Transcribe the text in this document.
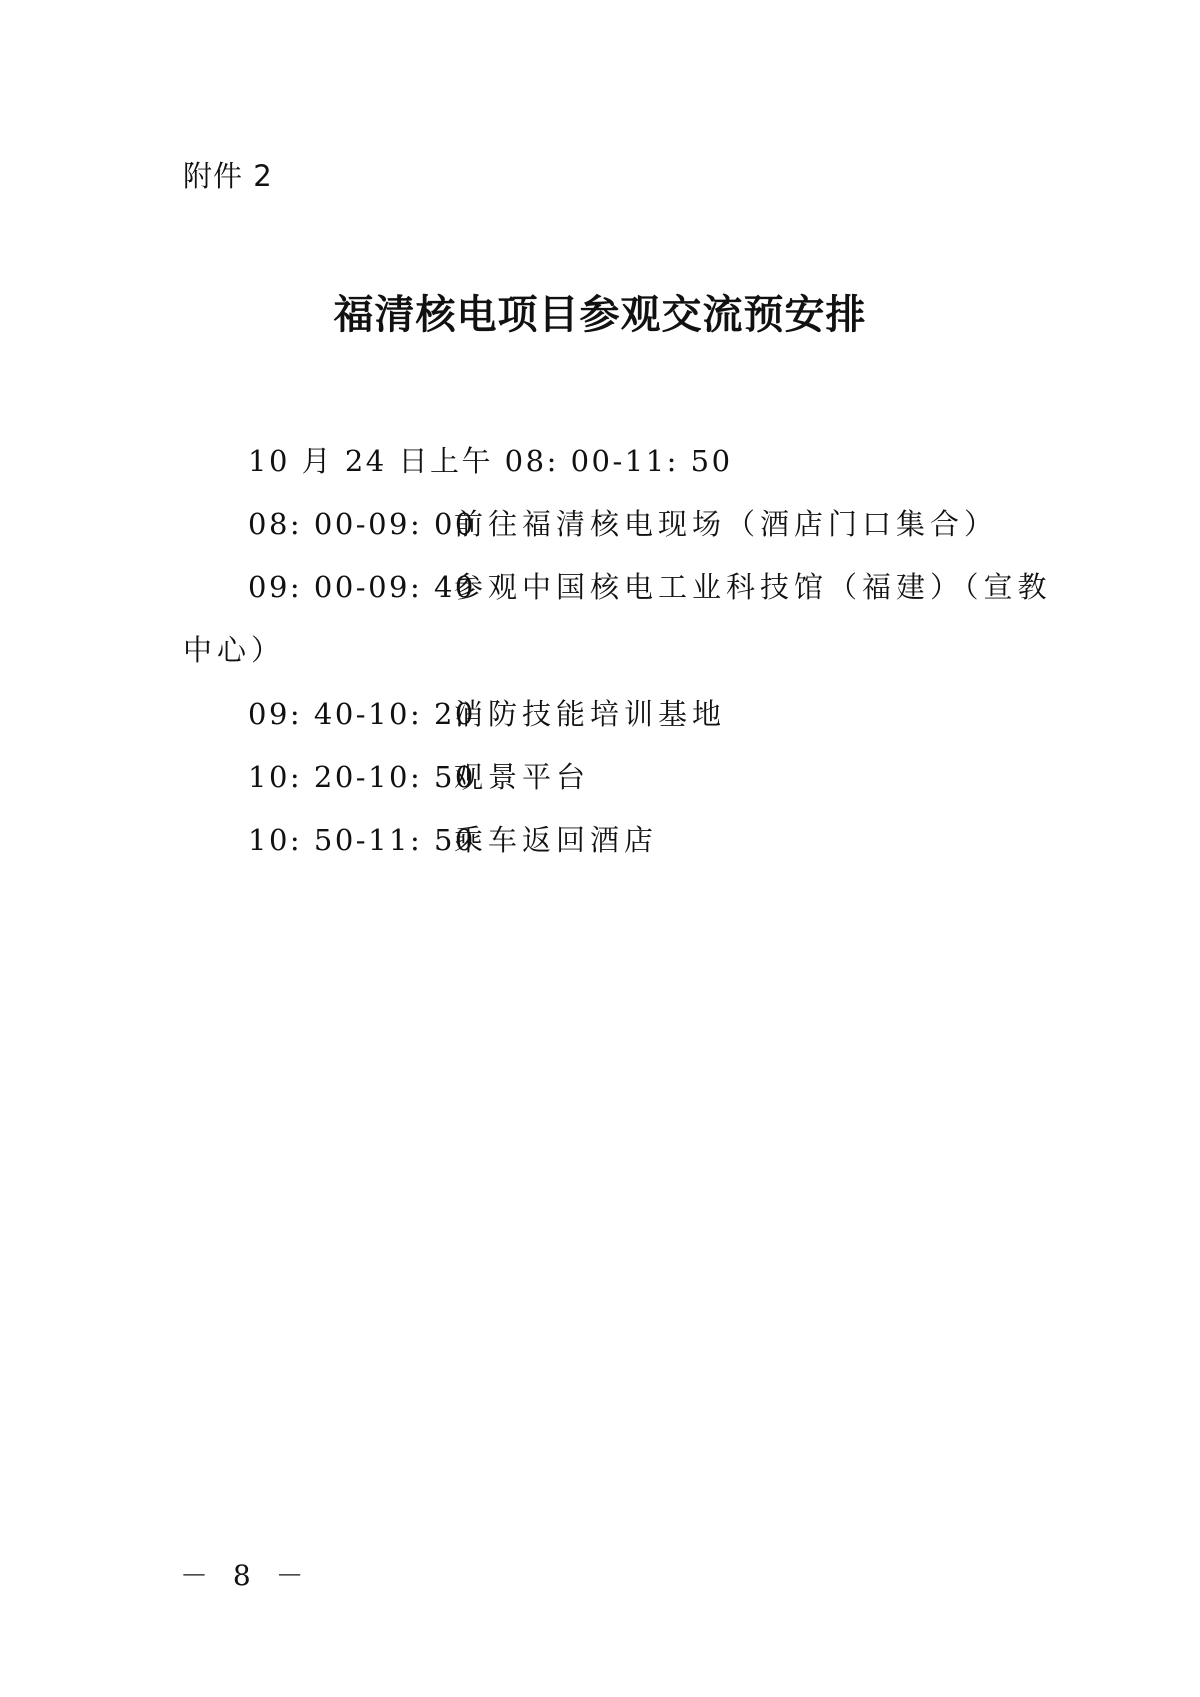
附件 2
福清核电项目参观交流预安排
10 月 24 日上午 08: 00-11: 50
08: 00-09: 00前往福清核电现场（酒店门口集合）
09: 00-09: 40参观中国核电工业科技馆（福建）（宣教
中心）
09: 40-10: 20消防技能培训基地
10: 20-10: 50观景平台
10: 50-11: 50乘车返回酒店
－ 8 －
